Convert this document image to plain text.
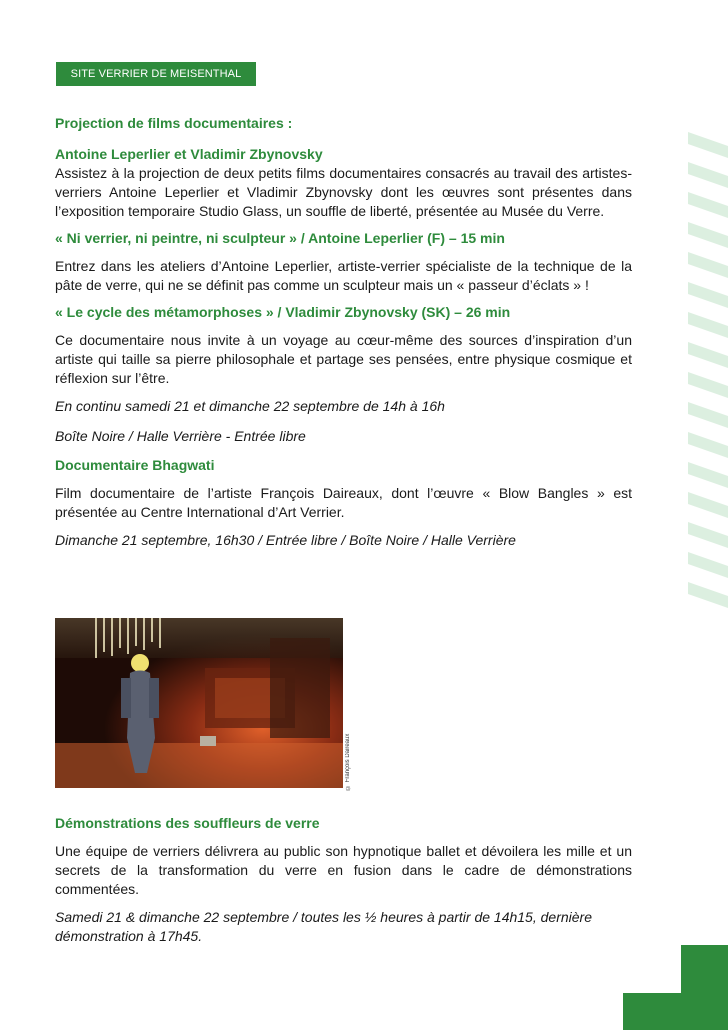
SITE VERRIER DE MEISENTHAL

Projection de films documentaires :

Antoine Leperlier et Vladimir Zbynovsky

Assistez à la projection de deux petits films documentaires consacrés au travail des artistes-verriers Antoine Leperlier et Vladimir Zbynovsky dont les œuvres sont présentes dans l’exposition temporaire Studio Glass, un souffle de liberté, présentée au Musée du Verre.

« Ni verrier, ni peintre, ni sculpteur » / Antoine Leperlier (F) – 15 min

Entrez dans les ateliers d’Antoine Leperlier, artiste-verrier spécialiste de la technique de la pâte de verre, qui ne se définit pas comme un sculpteur mais un « passeur d’éclats » !

« Le cycle des métamorphoses » / Vladimir Zbynovsky (SK) – 26 min

Ce documentaire nous invite à un voyage au cœur-même des sources d’inspiration d’un artiste qui taille sa pierre philosophale et partage ses pensées, entre physique cosmique et réflexion sur l’être.

En continu samedi 21 et dimanche 22 septembre de 14h à 16h

Boîte Noire / Halle Verrière - Entrée libre

Documentaire Bhagwati

Film documentaire de l’artiste François Daireaux, dont l’œuvre « Blow Bangles » est présentée au Centre International d’Art Verrier.

Dimanche 21 septembre, 16h30 / Entrée libre / Boîte Noire / Halle Verrière

© François Daireaux

Démonstrations des souffleurs de verre

Une équipe de verriers délivrera au public son hypnotique ballet et dévoilera les mille et un secrets de la transformation du verre en fusion dans le cadre de démonstrations commentées.

Samedi 21 & dimanche 22 septembre / toutes les ½ heures à partir de 14h15, dernière démonstration à 17h45.
